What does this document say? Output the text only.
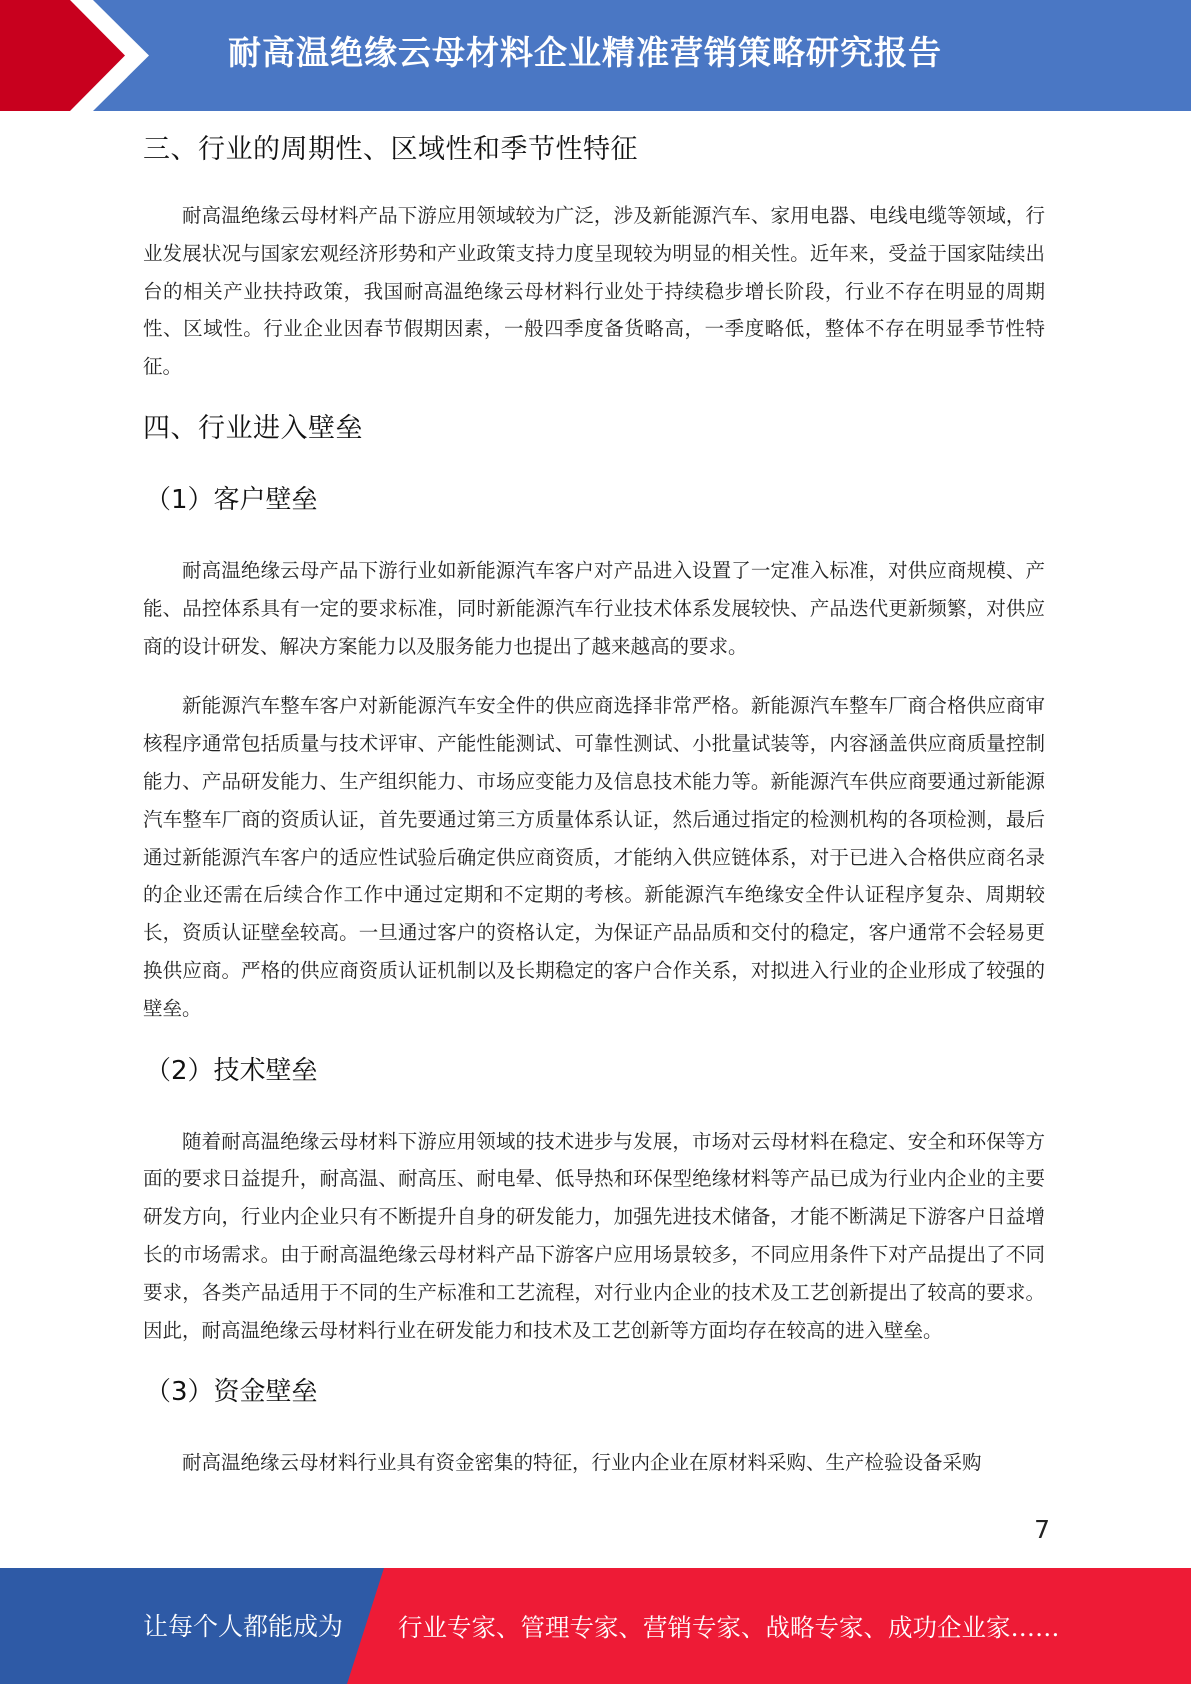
耐高温绝缘云母材料企业精准营销策略研究报告
三、行业的周期性、区域性和季节性特征

耐高温绝缘云母材料产品下游应用领域较为广泛，涉及新能源汽车、家用电器、电线电缆等领域，行业发展状况与国家宏观经济形势和产业政策支持力度呈现较为明显的相关性。近年来，受益于国家陆续出台的相关产业扶持政策，我国耐高温绝缘云母材料行业处于持续稳步增长阶段，行业不存在明显的周期性、区域性。行业企业因春节假期因素，一般四季度备货略高，一季度略低，整体不存在明显季节性特征。

四、行业进入壁垒
（1）客户壁垒

耐高温绝缘云母产品下游行业如新能源汽车客户对产品进入设置了一定准入标准，对供应商规模、产能、品控体系具有一定的要求标准，同时新能源汽车行业技术体系发展较快、产品迭代更新频繁，对供应商的设计研发、解决方案能力以及服务能力也提出了越来越高的要求。

新能源汽车整车客户对新能源汽车安全件的供应商选择非常严格。新能源汽车整车厂商合格供应商审核程序通常包括质量与技术评审、产能性能测试、可靠性测试、小批量试装等，内容涵盖供应商质量控制能力、产品研发能力、生产组织能力、市场应变能力及信息技术能力等。新能源汽车供应商要通过新能源汽车整车厂商的资质认证，首先要通过第三方质量体系认证，然后通过指定的检测机构的各项检测，最后通过新能源汽车客户的适应性试验后确定供应商资质，才能纳入供应链体系，对于已进入合格供应商名录的企业还需在后续合作工作中通过定期和不定期的考核。新能源汽车绝缘安全件认证程序复杂、周期较长，资质认证壁垒较高。一旦通过客户的资格认定，为保证产品品质和交付的稳定，客户通常不会轻易更换供应商。严格的供应商资质认证机制以及长期稳定的客户合作关系，对拟进入行业的企业形成了较强的壁垒。

（2）技术壁垒

随着耐高温绝缘云母材料下游应用领域的技术进步与发展，市场对云母材料在稳定、安全和环保等方面的要求日益提升，耐高温、耐高压、耐电晕、低导热和环保型绝缘材料等产品已成为行业内企业的主要研发方向，行业内企业只有不断提升自身的研发能力，加强先进技术储备，才能不断满足下游客户日益增长的市场需求。由于耐高温绝缘云母材料产品下游客户应用场景较多，不同应用条件下对产品提出了不同要求，各类产品适用于不同的生产标准和工艺流程，对行业内企业的技术及工艺创新提出了较高的要求。因此，耐高温绝缘云母材料行业在研发能力和技术及工艺创新等方面均存在较高的进入壁垒。

（3）资金壁垒

耐高温绝缘云母材料行业具有资金密集的特征，行业内企业在原材料采购、生产检验设备采购

7
让每个人都能成为 行业专家、管理专家、营销专家、战略专家、成功企业家……
